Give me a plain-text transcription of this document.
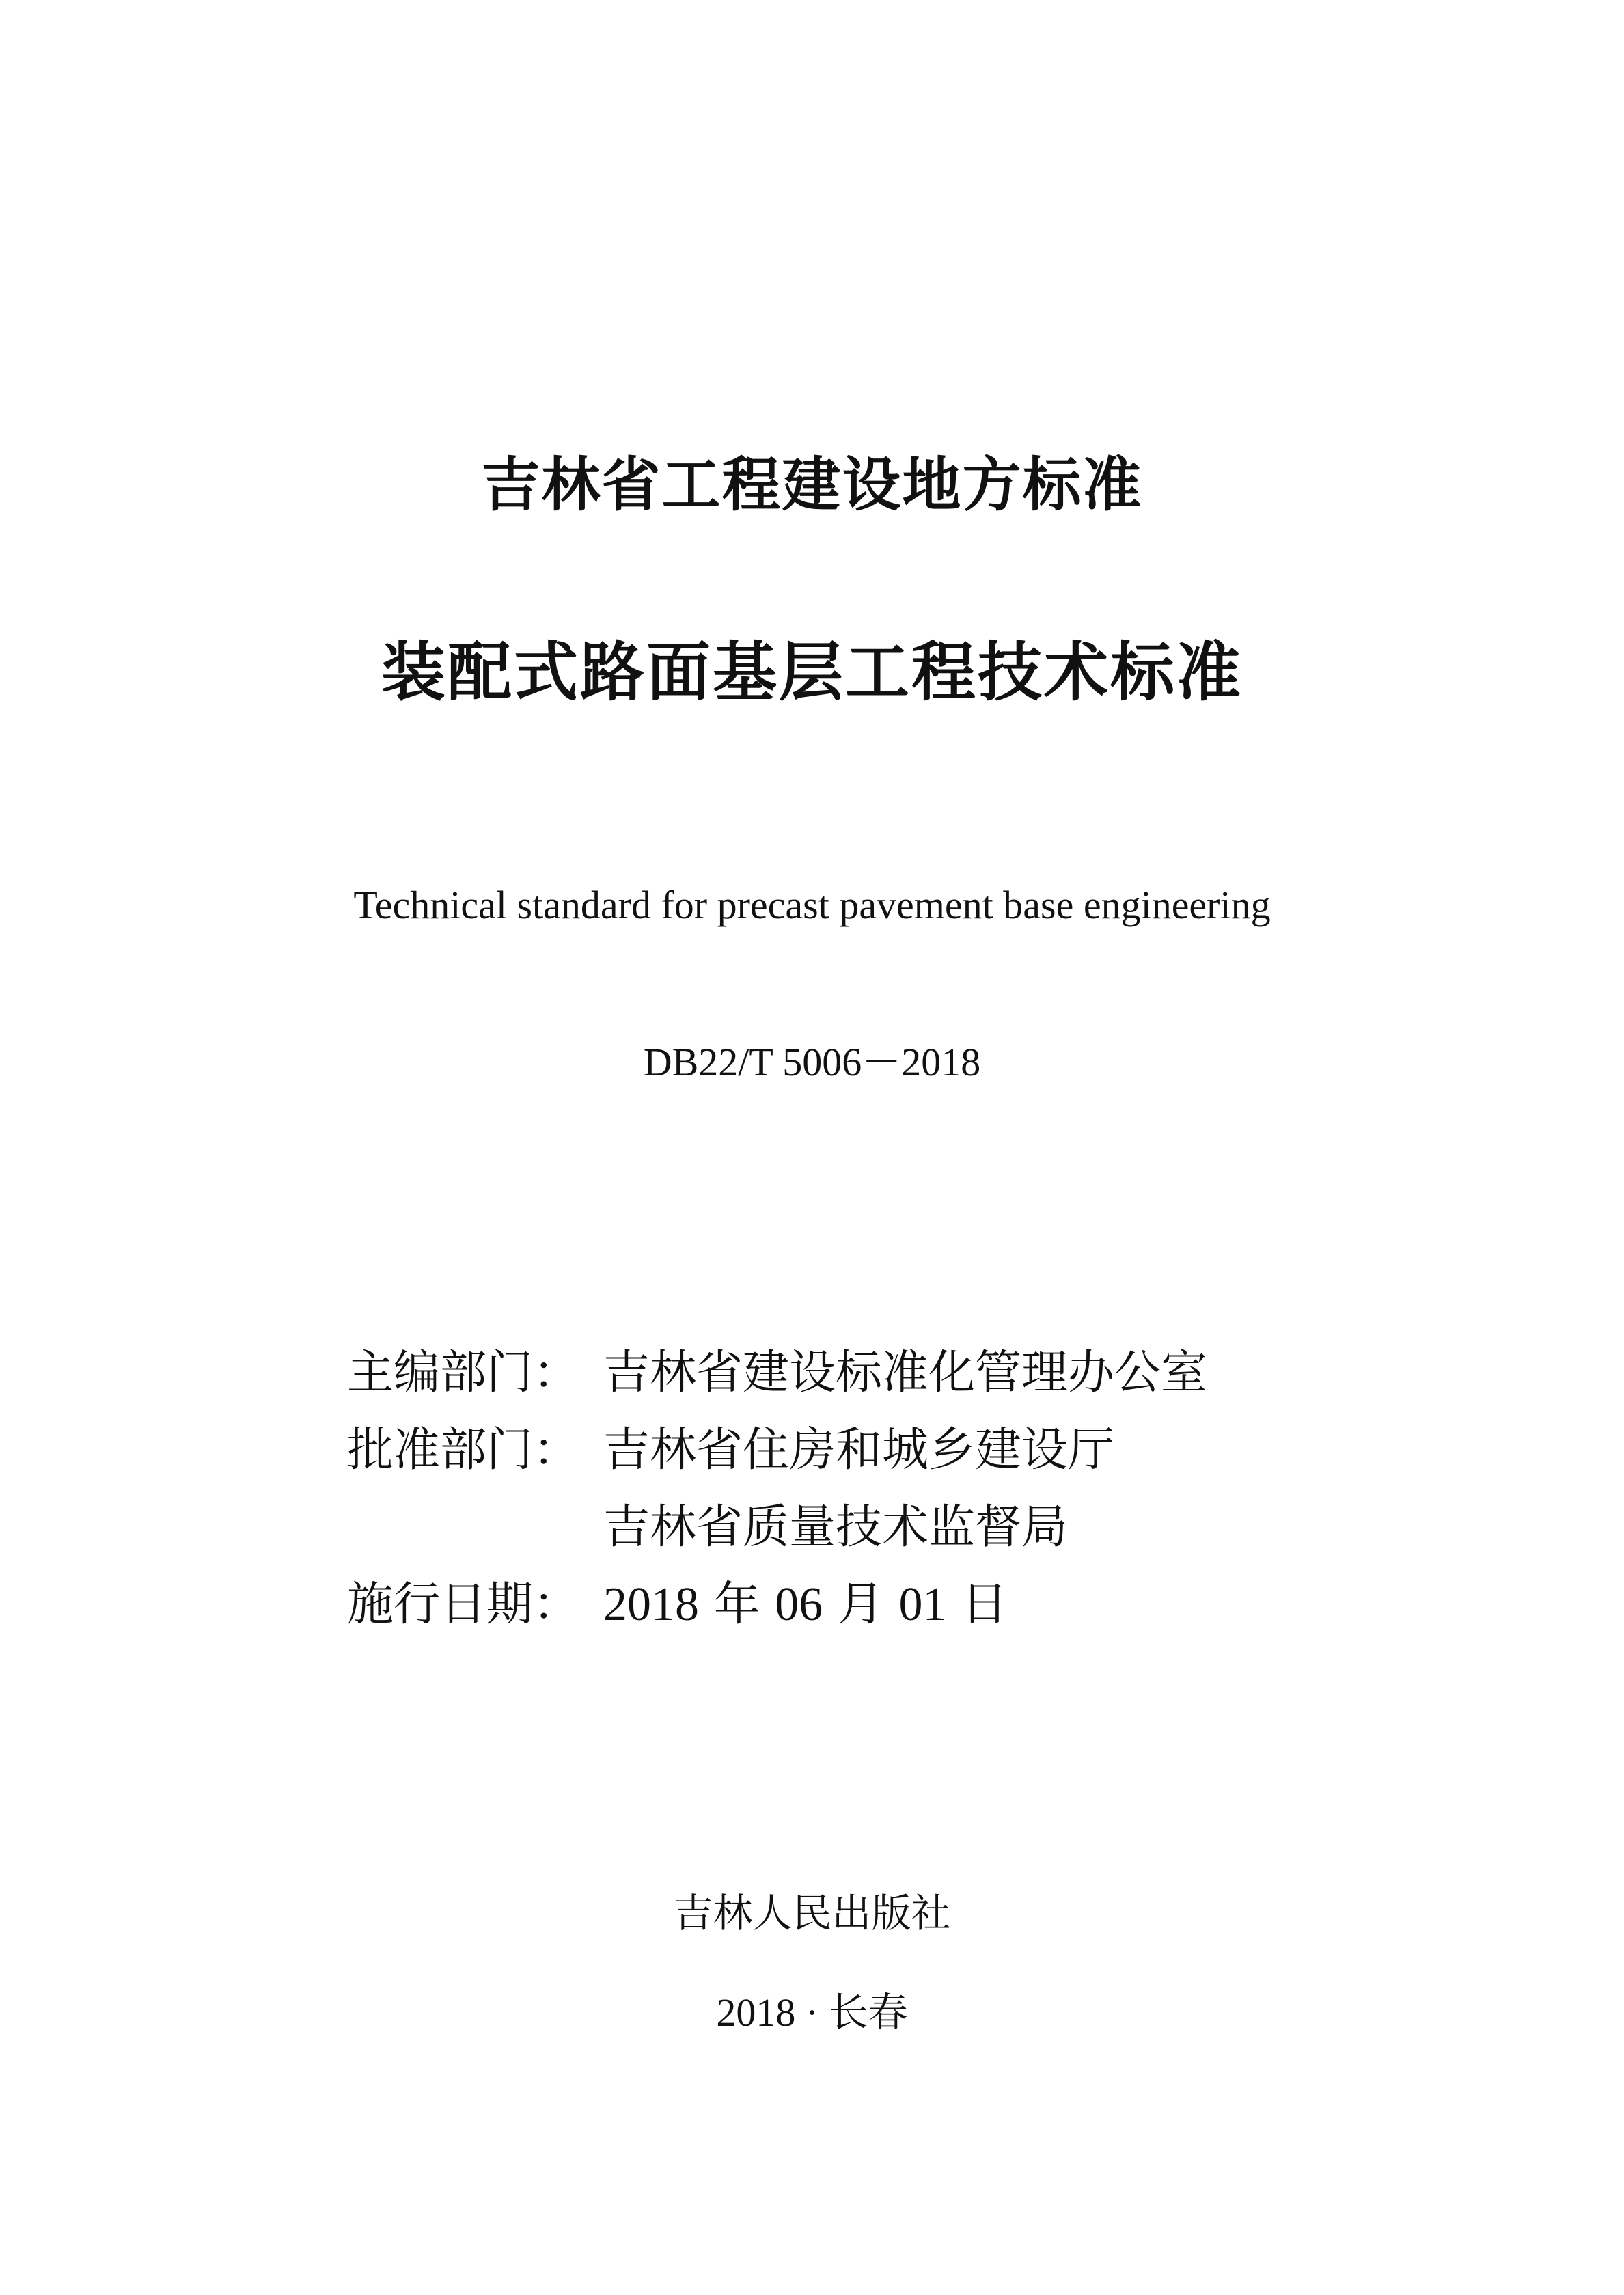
吉林省工程建设地方标准
装配式路面基层工程技术标准
Technical standard for precast pavement base engineering
DB22/T 5006－2018
主编部门： 吉林省建设标准化管理办公室
批准部门： 吉林省住房和城乡建设厅
吉林省质量技术监督局
施行日期： 2018 年 06 月 01 日
吉林人民出版社
2018 · 长春
